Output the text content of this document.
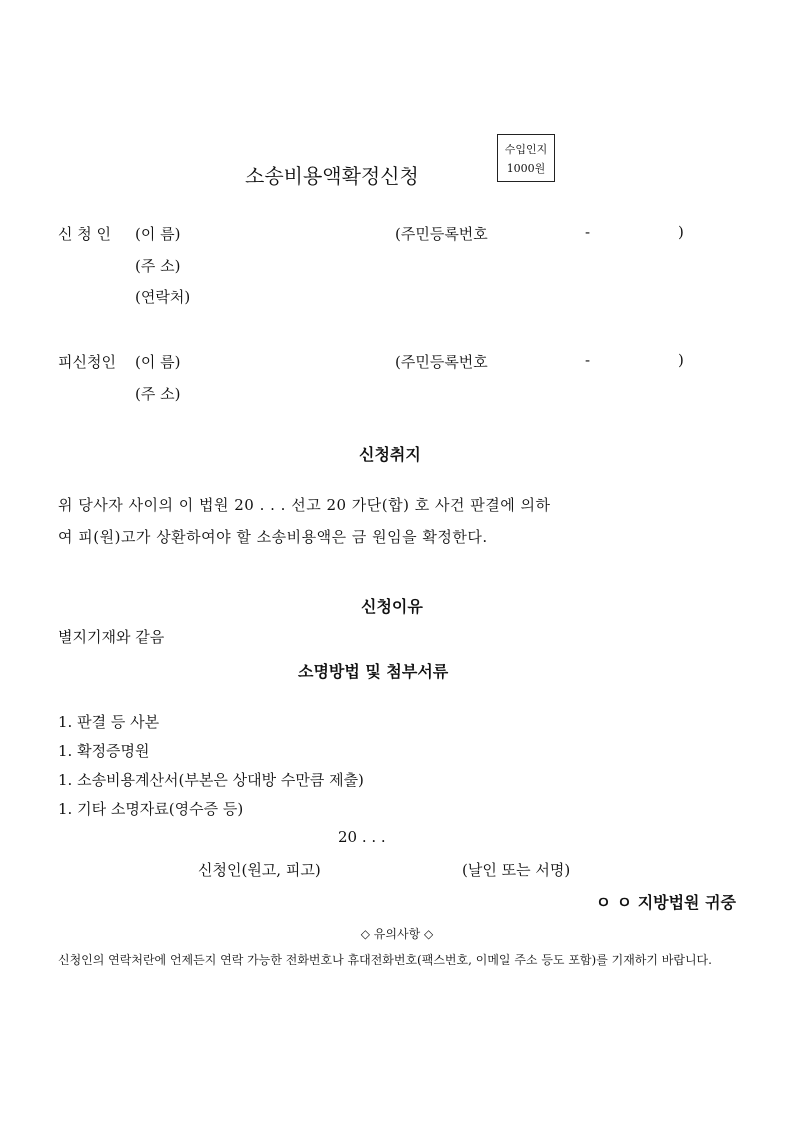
소송비용액확정신청
수입인지
1000원
신 청 인 (이 름)	(주민등록번호	-	)
(주 소)
(연락처)
피신청인 (이 름)	(주민등록번호	-	)
(주 소)
신청취지
위 당사자 사이의 이 법원 20 . . . 선고 20 가단(합) 호 사건 판결에 의하
여 피(원)고가 상환하여야 할 소송비용액은 금 원임을 확정한다.
신청이유
별지기재와 같음
소명방법 및 첨부서류
1. 판결 등 사본
1. 확정증명원
1. 소송비용계산서(부본은 상대방 수만큼 제출)
1. 기타 소명자료(영수증 등)
20 . . .
신청인(원고, 피고)	(날인 또는 서명)
ㅇ ㅇ 지방법원 귀중
◇ 유의사항 ◇
신청인의 연락처란에 언제든지 연락 가능한 전화번호나 휴대전화번호(팩스번호, 이메일 주소 등도 포함)를 기재하기 바랍니다.
